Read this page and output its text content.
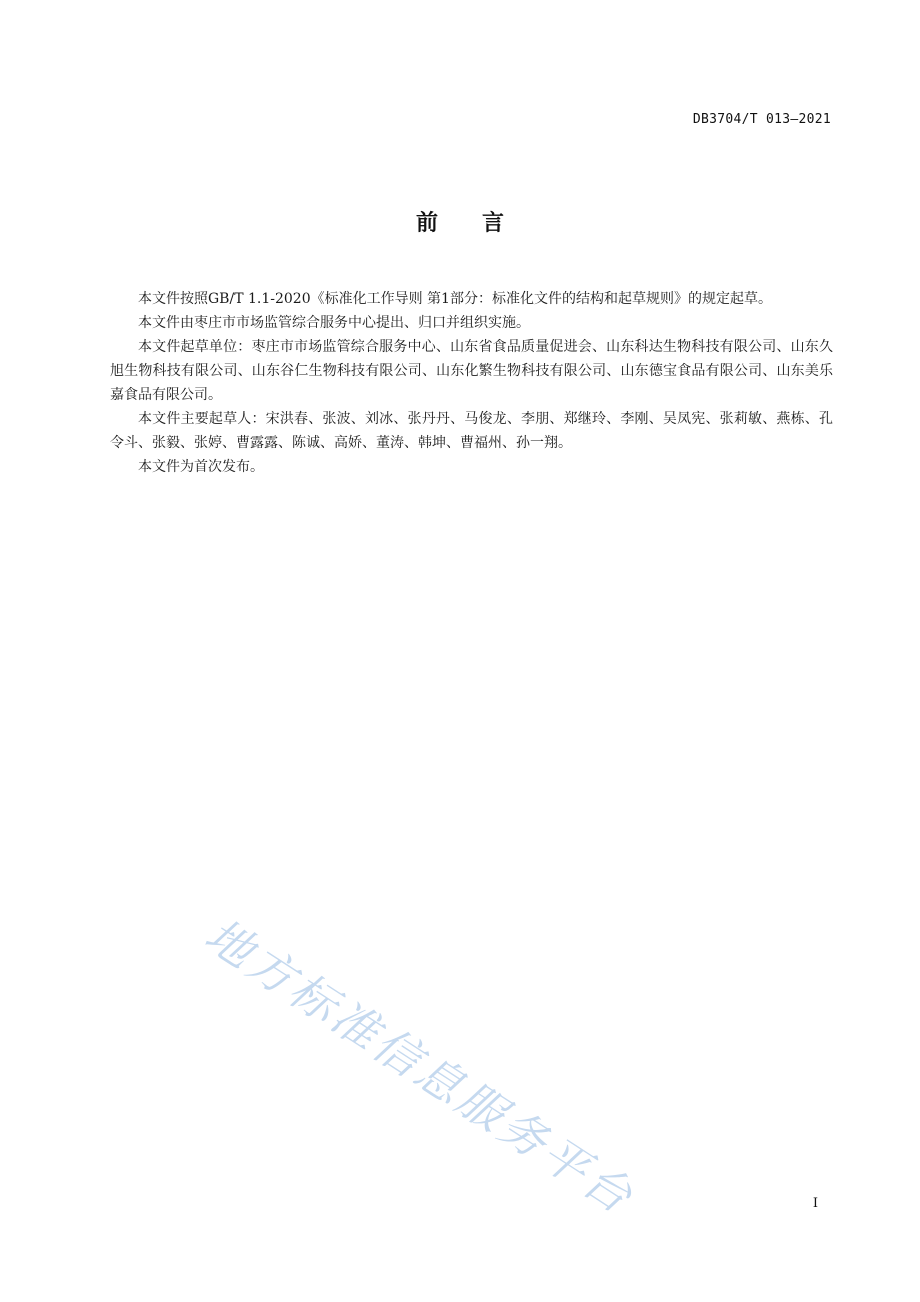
DB3704/T 013—2021
前言

本文件按照GB/T 1.1-2020《标准化工作导则 第1部分：标准化文件的结构和起草规则》的规定起草。

本文件由枣庄市市场监管综合服务中心提出、归口并组织实施。

本文件起草单位：枣庄市市场监管综合服务中心、山东省食品质量促进会、山东科达生物科技有限公司、山东久旭生物科技有限公司、山东谷仁生物科技有限公司、山东化繁生物科技有限公司、山东德宝食品有限公司、山东美乐嘉食品有限公司。

本文件主要起草人：宋洪春、张波、刘冰、张丹丹、马俊龙、李朋、郑继玲、李刚、吴凤宪、张莉敏、燕栋、孔令斗、张毅、张婷、曹露露、陈诚、高娇、董涛、韩坤、曹福州、孙一翔。

本文件为首次发布。

地方标准信息服务平台	I
